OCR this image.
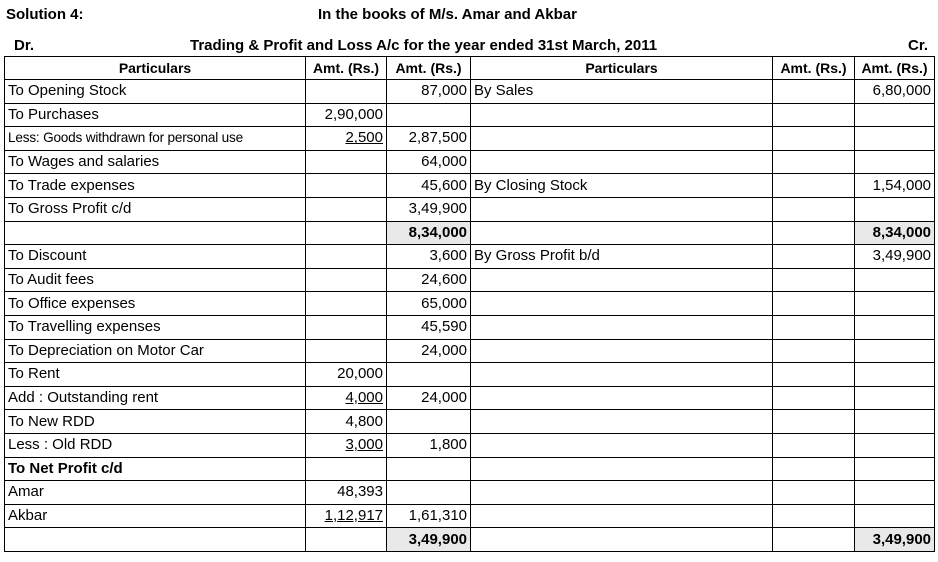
Solution 4:	In the books of M/s. Amar and Akbar
Dr.	Trading & Profit and Loss A/c for the year ended 31st March, 2011	Cr.
Particulars	Amt. (Rs.)	Amt. (Rs.)	Particulars	Amt. (Rs.)	Amt. (Rs.)
To Opening Stock		87,000	By Sales		6,80,000
To Purchases	2,90,000				
Less: Goods withdrawn for personal use	2,500	2,87,500			
To Wages and salaries		64,000			
To Trade expenses		45,600	By Closing Stock		1,54,000
To Gross Profit c/d		3,49,900			
		8,34,000			8,34,000
To Discount		3,600	By Gross Profit b/d		3,49,900
To Audit fees		24,600			
To Office expenses		65,000			
To Travelling expenses		45,590			
To Depreciation on Motor Car		24,000			
To Rent	20,000				
Add : Outstanding rent	4,000	24,000			
To New RDD	4,800				
Less : Old RDD	3,000	1,800			
To Net Profit c/d					
Amar	48,393				
Akbar	1,12,917	1,61,310			
		3,49,900			3,49,900
